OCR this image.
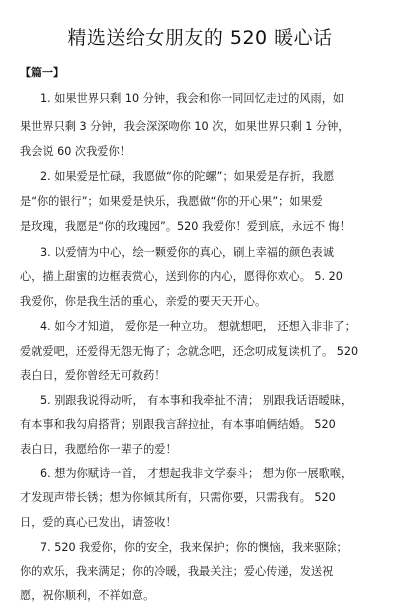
精选送给女朋友的 520 暖心话
【篇一】
1. 如果世界只剩 10 分钟，我会和你一同回忆走过的风雨，如
果世界只剩 3 分钟，我会深深吻你 10 次，如果世界只剩 1 分钟，
我会说 60 次我爱你！
2. 如果爱是忙碌，我愿做“你的陀螺”；如果爱是存折，我愿
是“你的银行”；如果爱是快乐，我愿做“你的开心果”；如果爱
是玫瑰，我愿是“你的玫瑰园”。520 我爱你！爱到底，永远不 悔！
3. 以爱情为中心，绘一颗爱你的真心，刷上幸福的颜色表诚
心，描上甜蜜的边框表赏心，送到你的内心，愿得你欢心。 5. 20
我爱你，你是我生活的重心，亲爱的要天天开心。
4. 如今才知道， 爱你是一种立功。 想就想吧， 还想入非非了；
爱就爱吧，还爱得无怨无悔了；念就念吧，还念叨成复读机了。 520
表白日，爱你曾经无可救药！
5. 别跟我说得动听， 有本事和我牵扯不清； 别跟我话语暧昧，
有本事和我勾肩搭背；别跟我言辞拉扯，有本事咱俩结婚。 520
表白日，我愿给你一辈子的爱！
6. 想为你赋诗一首， 才想起我非文学泰斗； 想为你一展歌喉，
才发现声带长锈；想为你倾其所有，只需你要，只需我有。 520
日，爱的真心已发出，请签收！
7. 520 我爱你，你的安全，我来保护；你的懊恼，我来驱除；
你的欢乐，我来满足；你的冷暖，我最关注；爱心传递，发送祝
愿，祝你顺利，不祥如意。
